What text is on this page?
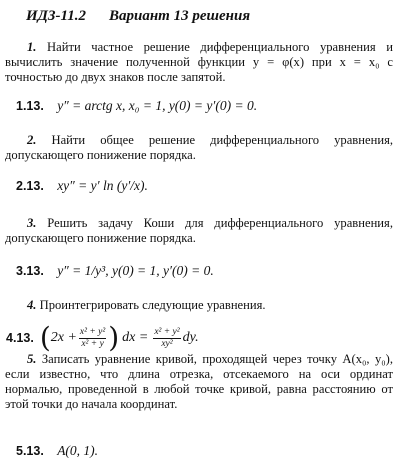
ИДЗ-11.2 Вариант 13 решения
1. Найти частное решение дифференциального уравнения и вычислить значение полученной функции y = φ(x) при x = x₀ с точностью до двух знаков после запятой.
1.13. y″ = arctg x, x₀ = 1, y(0) = y′(0) = 0.
2. Найти общее решение дифференциального уравнения, допускающего понижение порядка.
2.13. xy″ = y′ ln (y′/x).
3. Решить задачу Коши для дифференциального уравнения, допускающего понижение порядка.
3.13. y″ = 1/y³, y(0) = 1, y′(0) = 0.
4. Проинтегрировать следующие уравнения.
4.13. ( $2x + \frac{\text{x² + y²}}{\text{x² + y}}$ ) dx = $\frac{\text{x² + y²}}{\text{xy²}}$ dy.
5. Записать уравнение кривой, проходящей через точку A(x₀, y₀), если известно, что длина отрезка, отсекаемого на оси ординат нормалью, проведенной в любой точке кривой, равна расстоянию от этой точки до начала координат.
5.13. A(0, 1).
